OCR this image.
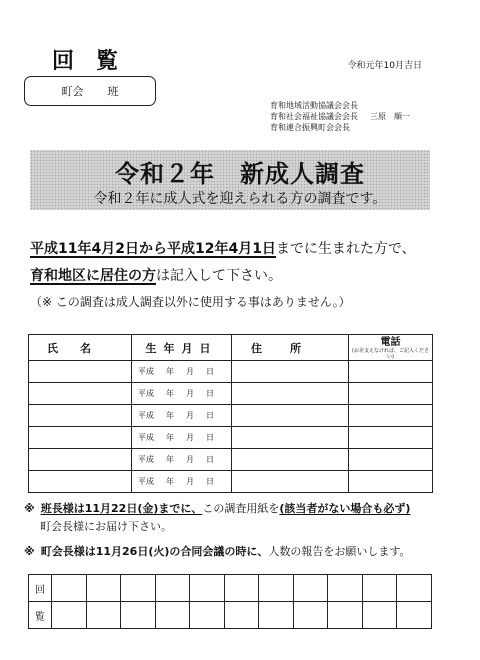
回覧	令和元年10月吉日
町会 班
育和地域活動協議会会長
育和社会福祉協議会会長 三原　順一
育和連合振興町会会長
令和２年　新成人調査
令和２年に成人式を迎えられる方の調査です。
平成11年4月2日から平成12年4月1日までに生まれた方で、
育和地区に居住の方は記入して下さい。
（※ この調査は成人調査以外に使用する事はありません。）
氏名	生年月日	住所	電話
(お差支えなければ、ご記入ください)

	平成 年 月 日		
	平成 年 月 日		
	平成 年 月 日		
	平成 年 月 日		
	平成 年 月 日		
	平成 年 月 日		
※ 班長様は11月22日(金)までに、この調査用紙を(該当者がない場合も必ず)
町会長様にお届け下さい。
※ 町会長様は11月26日(火)の合同会議の時に、人数の報告をお願いします。
回											
覧											
